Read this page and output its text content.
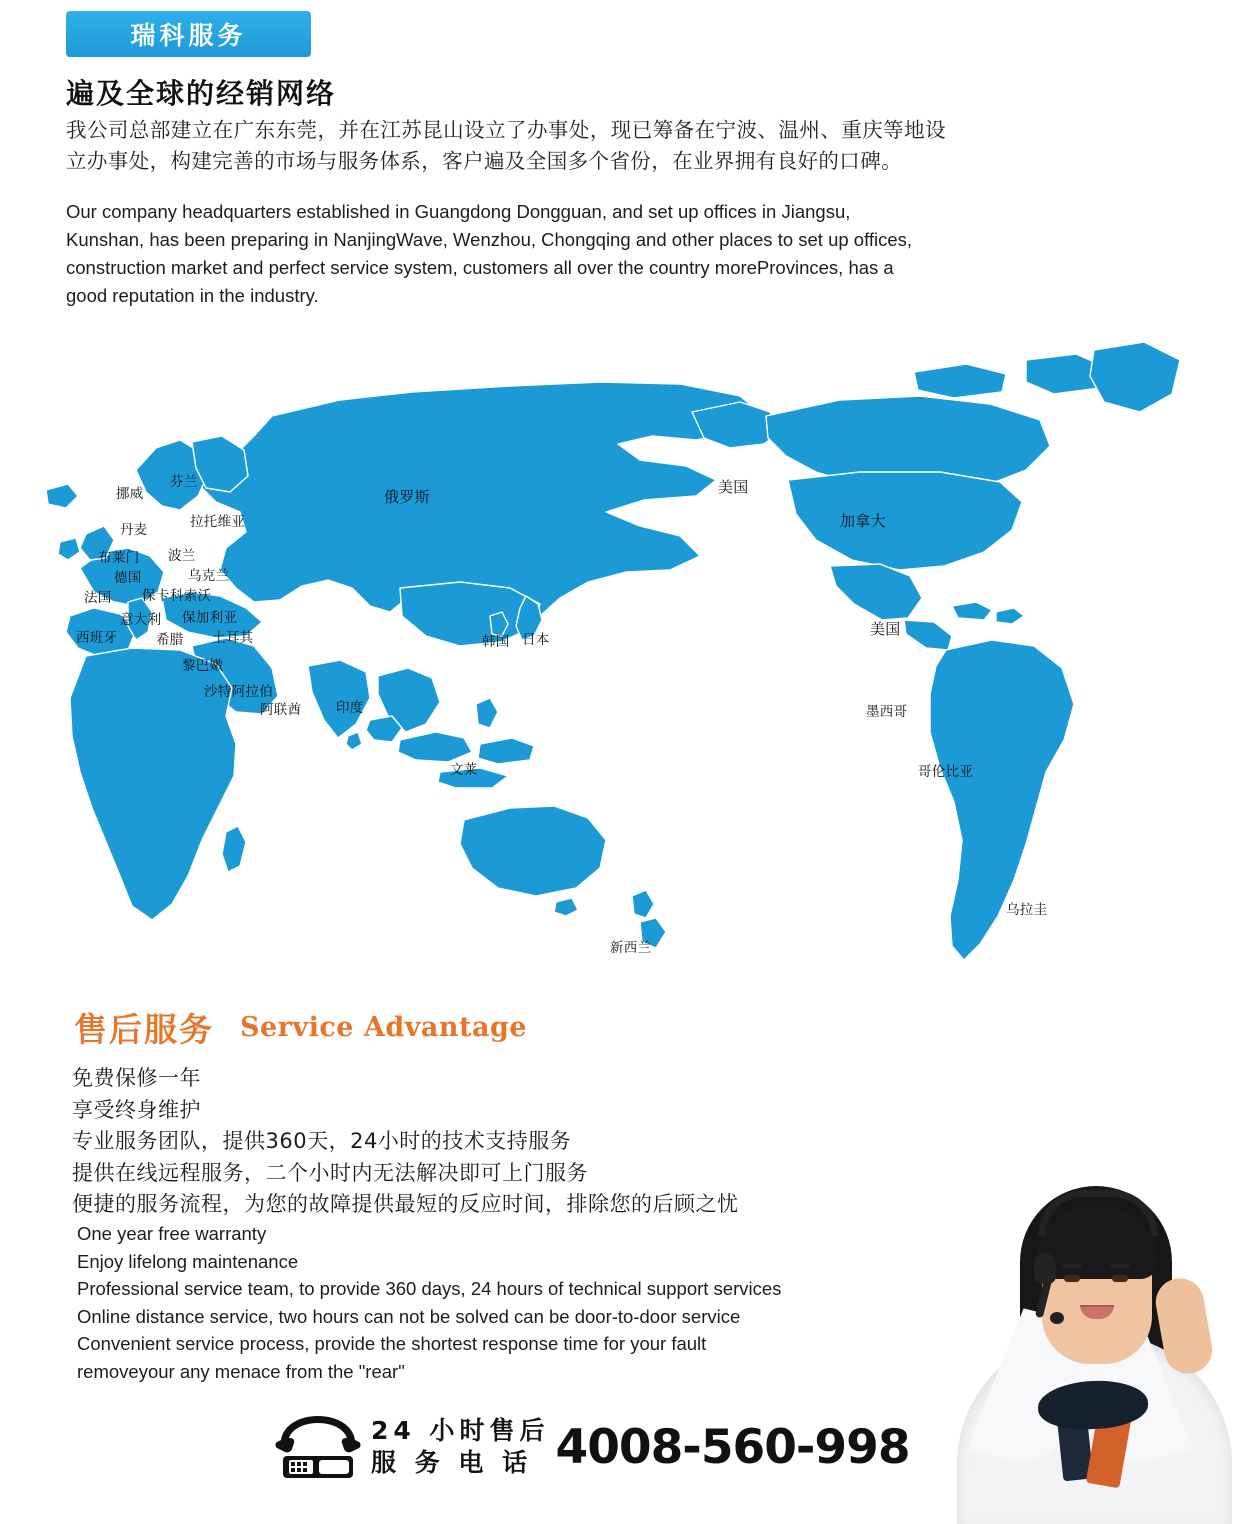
瑞科服务
遍及全球的经销网络
我公司总部建立在广东东莞，并在江苏昆山设立了办事处，现已筹备在宁波、温州、重庆等地设立办事处，构建完善的市场与服务体系，客户遍及全国多个省份，在业界拥有良好的口碑。
Our company headquarters established in Guangdong Dongguan, and set up offices in Jiangsu, Kunshan, has been preparing in NanjingWave, Wenzhou, Chongqing and other places to set up offices, construction market and perfect service system, customers all over the country moreProvinces, has a good reputation in the industry.
挪威
芬兰
丹麦	拉托维亚
布莱门 波兰
德国	乌克兰
法国 保卡 科索沃
意大利 保加利亚
西班牙	希腊 土耳其
黎巴嫩
沙特阿拉伯
阿联酋	印度
俄罗斯
韩国 日本
文莱
新西兰
美国
加拿大
美国
墨西哥
哥伦比亚
乌拉圭
售后服务 Service Advantage
免费保修一年
享受终身维护
专业服务团队，提供360天，24小时的技术支持服务
提供在线远程服务，二个小时内无法解决即可上门服务
便捷的服务流程，为您的故障提供最短的反应时间，排除您的后顾之忧
One year free warranty
Enjoy lifelong maintenance
Professional service team, to provide 360 days, 24 hours of technical support services
Online distance service, two hours can not be solved can be door-to-door service
Convenient service process, provide the shortest response time for your fault
removeyour any menace from the "rear"
24 小时售后
服 务 电 话 4008-560-998
